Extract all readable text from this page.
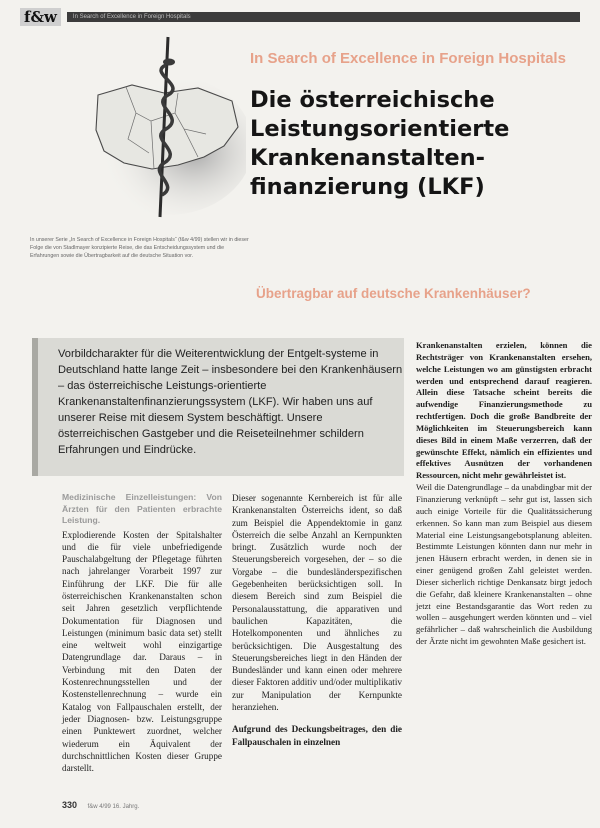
f&w	In Search of Excellence in Foreign Hospitals
In Search of Excellence in Foreign Hospitals
Die österreichische
Leistungsorientierte
Krankenanstalten-
finanzierung (LKF)
In unserer Serie „In Search of Excellence in Foreign Hospitals“ (f&w 4/99) stellen wir in dieser Folge die von Stadlmayer konzipierte Reise, die das Entscheidungssystem und die Erfahrungen sowie die Übertragbarkeit auf die deutsche Situation vor.
Übertragbar auf deutsche Krankenhäuser?
Vorbildcharakter für die Weiterentwicklung der Entgelt-systeme in Deutschland hatte lange Zeit – insbesondere bei den Krankenhäusern – das österreichische Leistungs-orientierte Krankenanstaltenfinanzierungssystem (LKF). Wir haben uns auf unserer Reise mit diesem System beschäftigt. Unsere österreichischen Gastgeber und die Reiseteilnehmer schildern Erfahrungen und Eindrücke.

Krankenanstalten erzielen, können die Rechtsträger von Krankenanstalten ersehen, welche Leistungen wo am günstigsten erbracht werden und entsprechend darauf reagieren. Allein diese Tatsache scheint bereits die aufwendige Finanzierungsmethode zu rechtfertigen. Doch die große Bandbreite der Möglichkeiten im Steuerungsbereich kann dieses Bild in einem Maße verzerren, daß der gewünschte Effekt, nämlich ein effizientes und effektives Ausnützen der vorhandenen Ressourcen, nicht mehr gewährleistet ist.

Weil die Datengrundlage – da unabdingbar mit der Finanzierung verknüpft – sehr gut ist, lassen sich auch einige Vorteile für die Qualitätssicherung erkennen. So kann man zum Beispiel aus diesem Material eine Leistungsangebotsplanung ableiten. Bestimmte Leistungen könnten dann nur mehr in jenen Häusern erbracht werden, in denen sie in einer genügend großen Zahl geleistet werden. Dieser sicherlich richtige Denkansatz birgt jedoch die Gefahr, daß kleinere Krankenanstalten – ohne jetzt eine Bestandsgarantie das Wort reden zu wollen – ausgehungert werden könnten und – viel gefährlicher – daß wahrscheinlich die Ausbildung der Ärzte nicht im gewohnten Maße gesichert ist.

Medizinische Einzelleistungen: Von Ärzten für den Patienten erbrachte Leistung.

Explodierende Kosten der Spitalshalter und die für viele unbefriedigende Pauschalabgeltung der Pflegetage führten nach jahrelanger Vorarbeit 1997 zur Einführung der LKF. Die für alle österreichischen Krankenanstalten schon seit Jahren gesetzlich verpflichtende Dokumentation für Diagnosen und Leistungen (minimum basic data set) stellt eine weltweit wohl einzigartige Datengrundlage dar. Daraus – in Verbindung mit den Daten der Kostenrechnungsstellen und der Kostenstellenrechnung – wurde ein Katalog von Fallpauschalen erstellt, der jeder Diagnosen- bzw. Leistungsgruppe einen Punktewert zuordnet, welcher wiederum ein Äquivalent der durchschnittlichen Kosten dieser Gruppe darstellt.

Dieser sogenannte Kernbereich ist für alle Krankenanstalten Österreichs ident, so daß zum Beispiel die Appendektomie in ganz Österreich die selbe Anzahl an Kernpunkten bringt. Zusätzlich wurde noch der Steuerungsbereich vorgesehen, der – so die Vorgabe – die bundesländerspezifischen Gegebenheiten berücksichtigen soll. In diesem Bereich sind zum Beispiel die Personalausstattung, die apparativen und baulichen Kapazitäten, die Hotelkomponenten und ähnliches zu berücksichtigen. Die Ausgestaltung des Steuerungsbereiches liegt in den Händen der Bundesländer und kann einen oder mehrere dieser Faktoren additiv und/oder multiplikativ zur Manipulation der Kernpunkte heranziehen.

Aufgrund des Deckungsbeitrages, den die Fallpauschalen in einzelnen

330 f&w 4/99 16. Jahrg.
